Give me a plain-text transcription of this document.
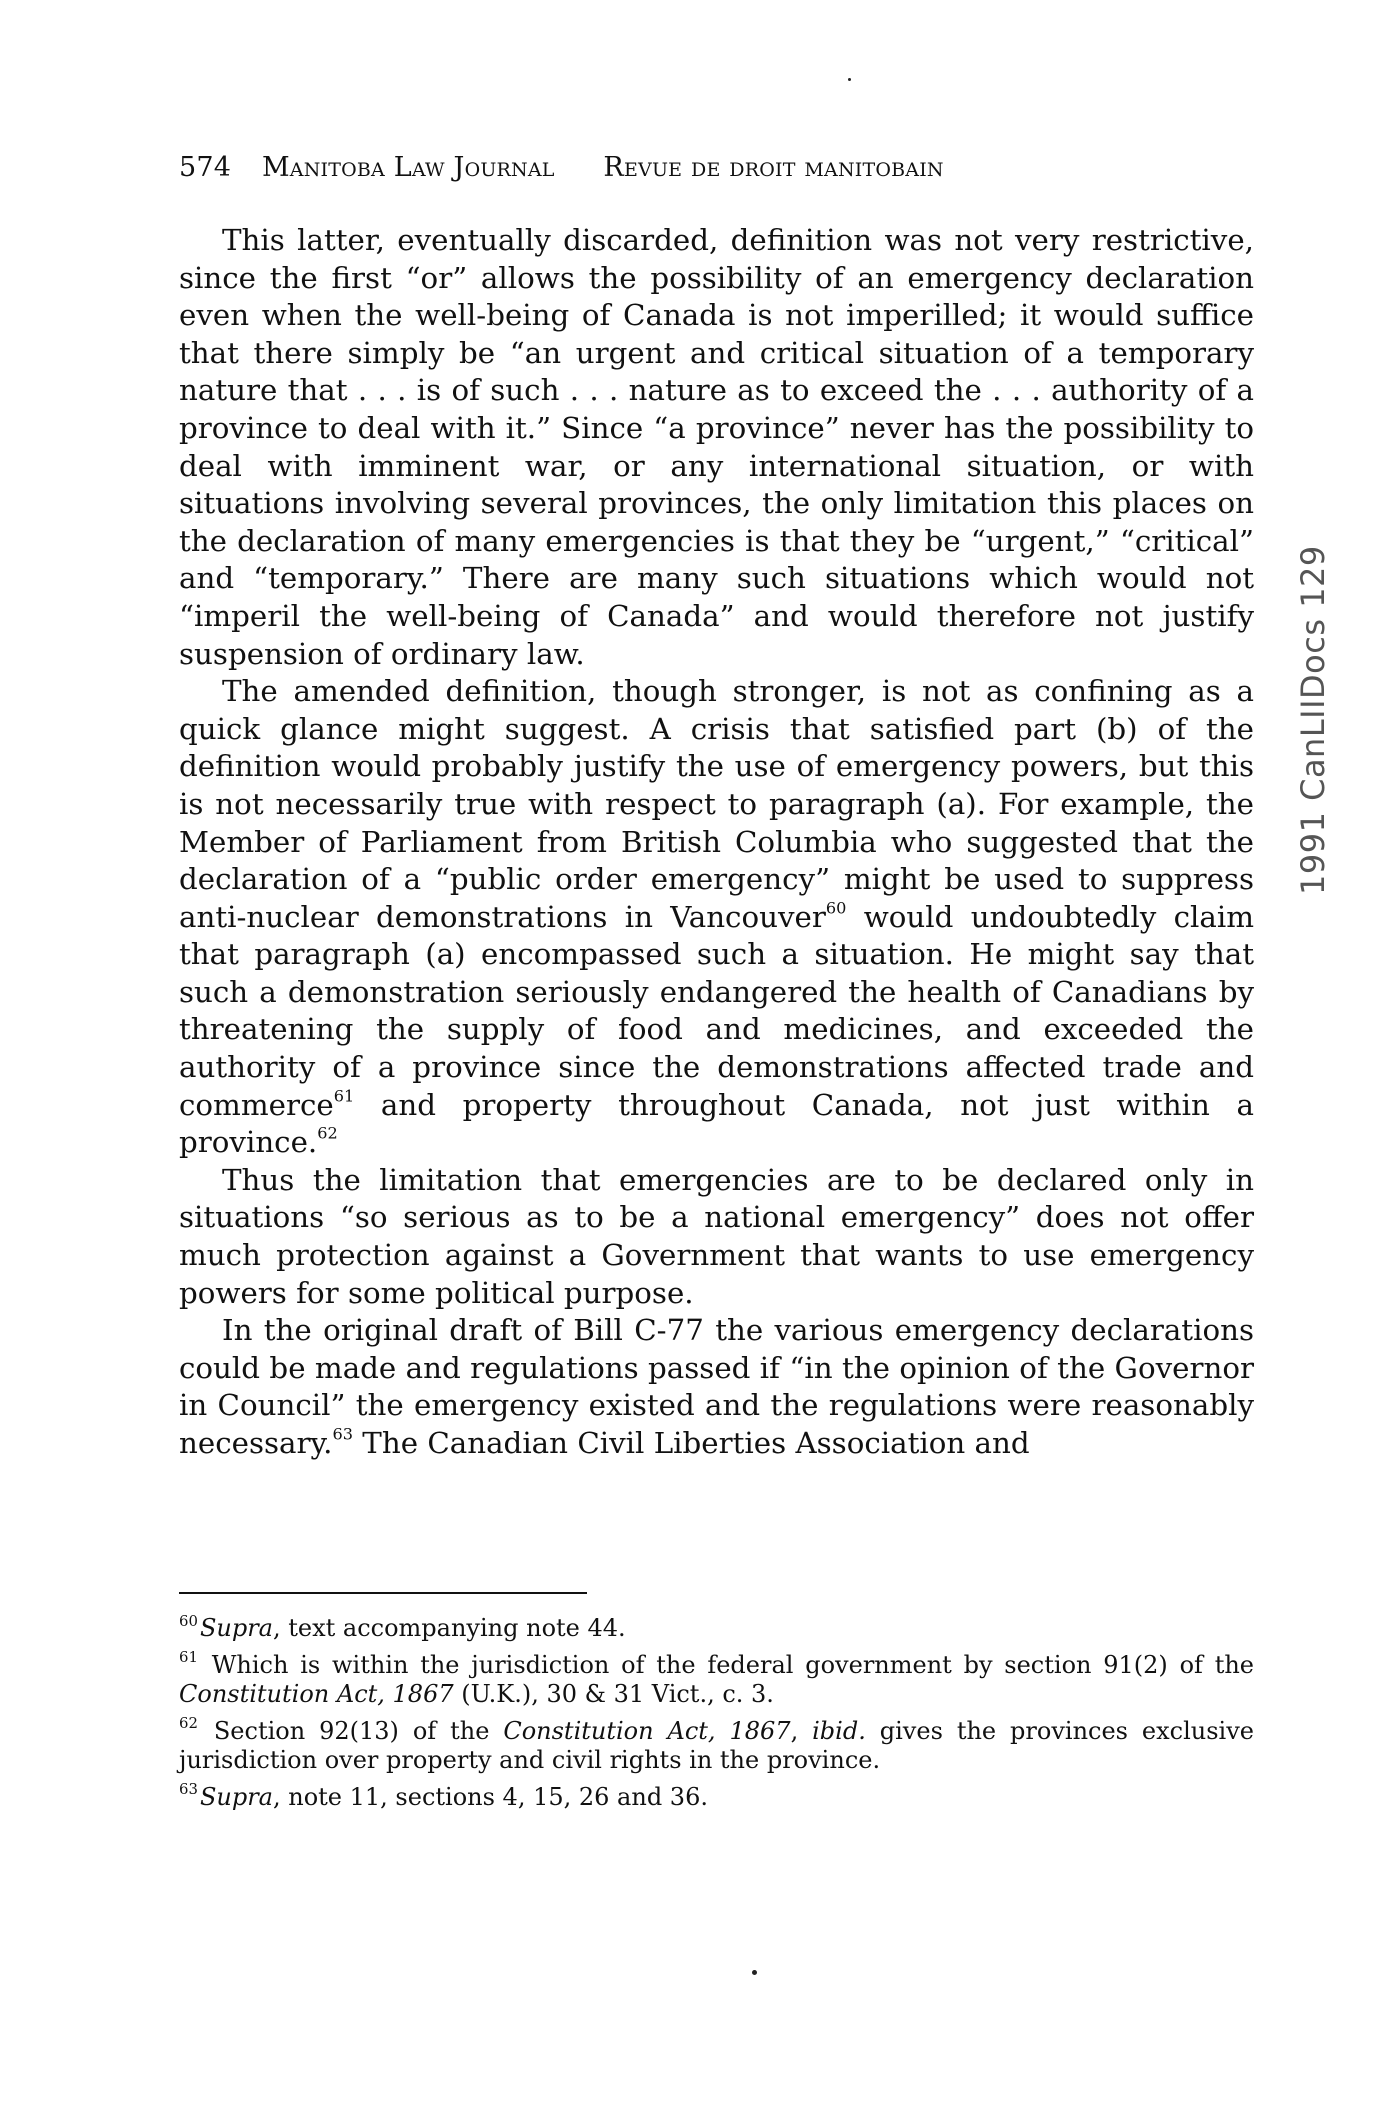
574 Manitoba Law Journal Revue de droit manitobain

This latter, eventually discarded, definition was not very restrictive, since the first “or” allows the possibility of an emergency declaration even when the well-being of Canada is not imperilled; it would suffice that there simply be “an urgent and critical situation of a temporary nature that . . . is of such . . . nature as to exceed the . . . authority of a province to deal with it.” Since “a province” never has the possibility to deal with imminent war, or any international situation, or with situations involving several provinces, the only limitation this places on the declaration of many emergencies is that they be “urgent,” “critical” and “temporary.” There are many such situations which would not “imperil the well-being of Canada” and would therefore not justify suspension of ordinary law.

The amended definition, though stronger, is not as confining as a quick glance might suggest. A crisis that satisfied part (b) of the definition would probably justify the use of emergency powers, but this is not necessarily true with respect to paragraph (a). For example, the Member of Parliament from British Columbia who suggested that the declaration of a “public order emergency” might be used to suppress anti-nuclear demonstrations in Vancouver$^{60}$ would undoubtedly claim that paragraph (a) encompassed such a situation. He might say that such a demonstration seriously endangered the health of Canadians by threatening the supply of food and medicines, and exceeded the authority of a province since the demonstrations affected trade and commerce$^{61}$ and property throughout Canada, not just within a province.$^{62}$

Thus the limitation that emergencies are to be declared only in situations “so serious as to be a national emergency” does not offer much protection against a Government that wants to use emergency powers for some political purpose.

In the original draft of Bill C-77 the various emergency declarations could be made and regulations passed if “in the opinion of the Governor in Council” the emergency existed and the regulations were reasonably necessary.$^{63}$ The Canadian Civil Liberties Association and

1991 CanLIIDocs 129
$^{60}$Supra, text accompanying note 44.
$^{61}$ Which is within the jurisdiction of the federal government by section 91(2) of the Constitution Act, 1867 (U.K.), 30 & 31 Vict., c. 3.
$^{62}$ Section 92(13) of the Constitution Act, 1867, ibid. gives the provinces exclusive jurisdiction over property and civil rights in the province.
$^{63}$Supra, note 11, sections 4, 15, 26 and 36.
